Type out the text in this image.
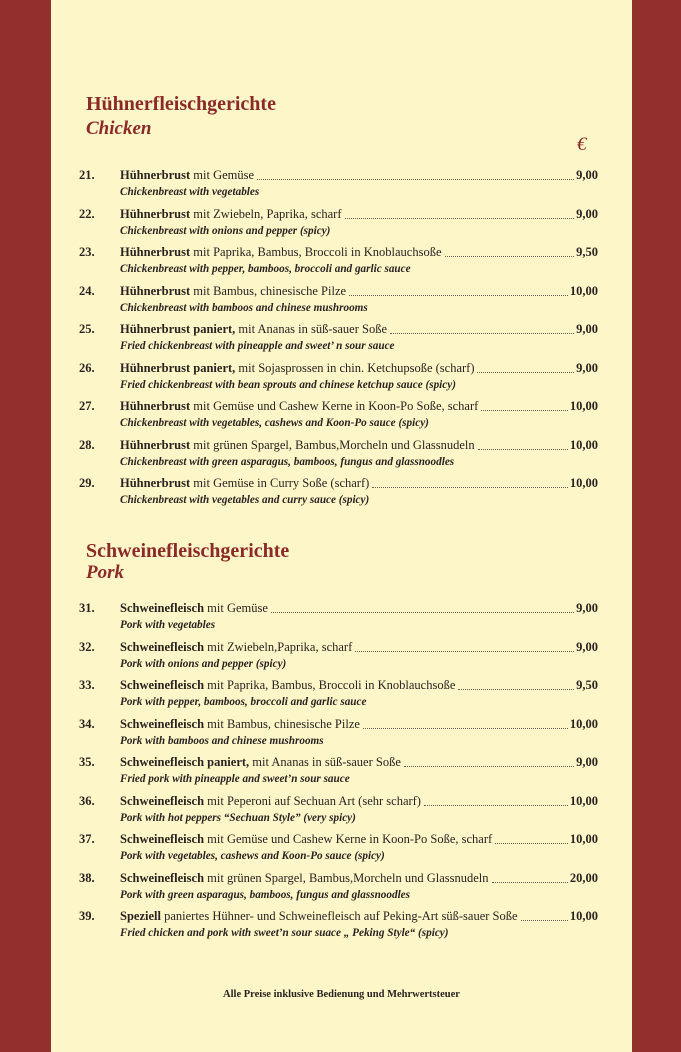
Hühnerfleischgerichte
Chicken
€
21.	Hühnerbrust mit Gemüse	9,00
Chickenbreast with vegetables
22.	Hühnerbrust mit Zwiebeln, Paprika, scharf	9,00
Chickenbreast with onions and pepper (spicy)
23.	Hühnerbrust mit Paprika, Bambus, Broccoli in Knoblauchsoße	9,50
Chickenbreast with pepper, bamboos, broccoli and garlic sauce
24.	Hühnerbrust mit Bambus, chinesische Pilze	10,00
Chickenbreast with bamboos and chinese mushrooms
25.	Hühnerbrust paniert, mit Ananas in süß-sauer Soße	9,00
Fried chickenbreast with pineapple and sweet’ n sour sauce
26.	Hühnerbrust paniert, mit Sojasprossen in chin. Ketchupsoße (scharf)	9,00
Fried chickenbreast with bean sprouts and chinese ketchup sauce (spicy)
27.	Hühnerbrust mit Gemüse und Cashew Kerne in Koon-Po Soße, scharf	10,00
Chickenbreast with vegetables, cashews and Koon-Po sauce (spicy)
28.	Hühnerbrust mit grünen Spargel, Bambus,Morcheln und Glassnudeln	10,00
Chickenbreast with green asparagus, bamboos, fungus and glassnoodles
29.	Hühnerbrust mit Gemüse in Curry Soße (scharf)	10,00
Chickenbreast with vegetables and curry sauce (spicy)
Schweinefleischgerichte
Pork
31.	Schweinefleisch mit Gemüse	9,00
Pork with vegetables
32.	Schweinefleisch mit Zwiebeln,Paprika, scharf	9,00
Pork with onions and pepper (spicy)
33.	Schweinefleisch mit Paprika, Bambus, Broccoli in Knoblauchsoße	9,50
Pork with pepper, bamboos, broccoli and garlic sauce
34.	Schweinefleisch mit Bambus, chinesische Pilze	10,00
Pork with bamboos and chinese mushrooms
35.	Schweinefleisch paniert, mit Ananas in süß-sauer Soße	9,00
Fried pork with pineapple and sweet’n sour sauce
36.	Schweinefleisch mit Peperoni auf Sechuan Art (sehr scharf)	10,00
Pork with hot peppers “Sechuan Style” (very spicy)
37.	Schweinefleisch mit Gemüse und Cashew Kerne in Koon-Po Soße, scharf	10,00
Pork with vegetables, cashews and Koon-Po sauce (spicy)
38.	Schweinefleisch mit grünen Spargel, Bambus,Morcheln und Glassnudeln	20,00
Pork with green asparagus, bamboos, fungus and glassnoodles
39.	Speziell paniertes Hühner- und Schweinefleisch auf Peking-Art süß-sauer Soße	10,00
Fried chicken and pork with sweet’n sour suace „ Peking Style“ (spicy)
Alle Preise inklusive Bedienung und Mehrwertsteuer
